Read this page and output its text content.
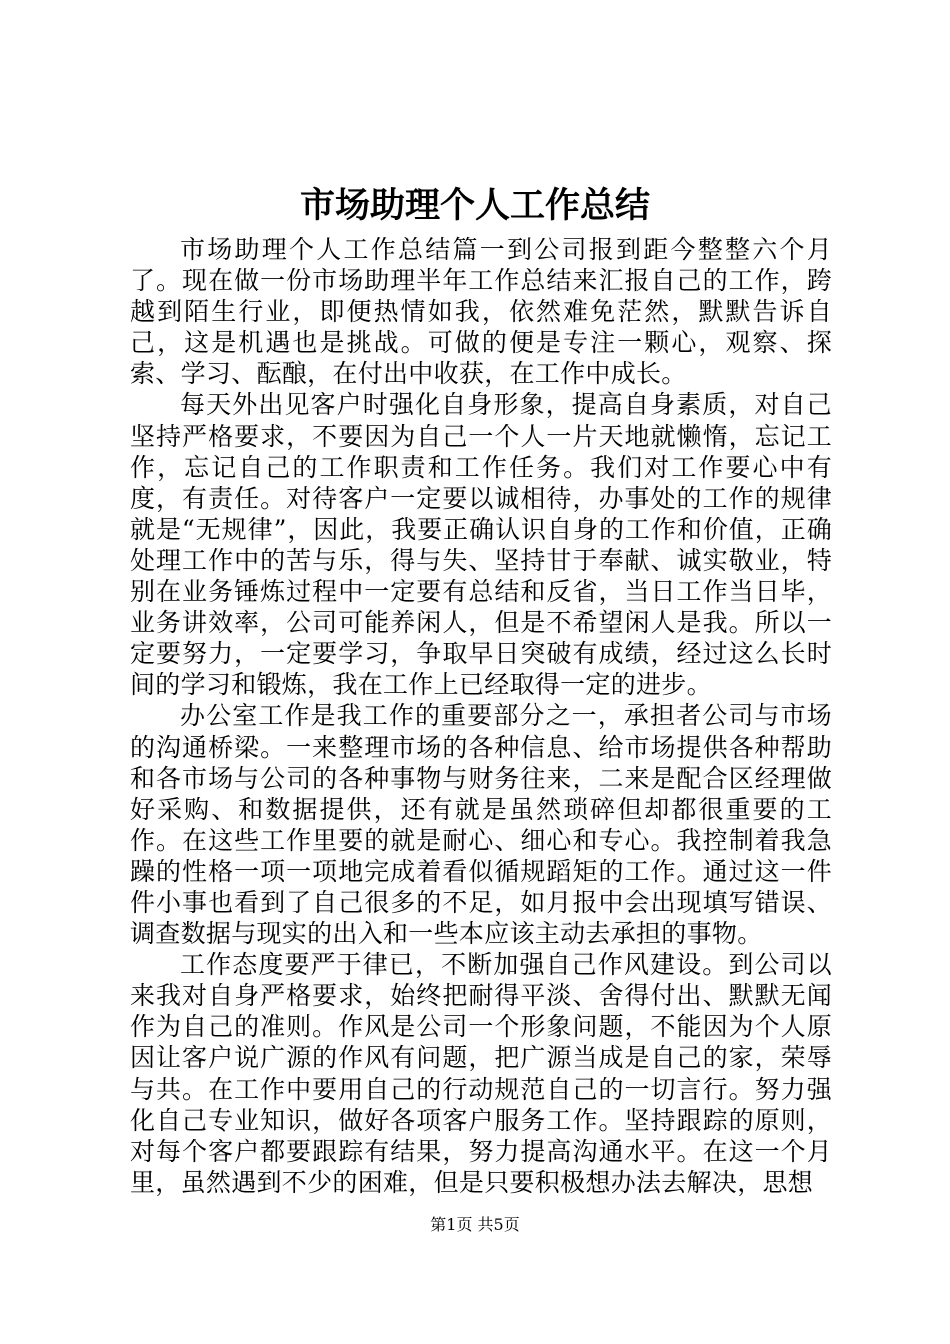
市场助理个人工作总结

市场助理个人工作总结篇一到公司报到距今整整六个月了。现在做一份市场助理半年工作总结来汇报自己的工作，跨越到陌生行业，即便热情如我，依然难免茫然，默默告诉自己，这是机遇也是挑战。可做的便是专注一颗心，观察、探索、学习、酝酿，在付出中收获，在工作中成长。

每天外出见客户时强化自身形象，提高自身素质，对自己坚持严格要求，不要因为自己一个人一片天地就懒惰，忘记工作，忘记自己的工作职责和工作任务。我们对工作要心中有度，有责任。对待客户一定要以诚相待，办事处的工作的规律就是“无规律”，因此，我要正确认识自身的工作和价值，正确处理工作中的苦与乐，得与失、坚持甘于奉献、诚实敬业，特别在业务锤炼过程中一定要有总结和反省，当日工作当日毕，业务讲效率，公司可能养闲人，但是不希望闲人是我。所以一定要努力，一定要学习，争取早日突破有成绩，经过这么长时间的学习和锻炼，我在工作上已经取得一定的进步。

办公室工作是我工作的重要部分之一，承担者公司与市场的沟通桥梁。一来整理市场的各种信息、给市场提供各种帮助和各市场与公司的各种事物与财务往来，二来是配合区经理做好采购、和数据提供，还有就是虽然琐碎但却都很重要的工作。在这些工作里要的就是耐心、细心和专心。我控制着我急躁的性格一项一项地完成着看似循规蹈矩的工作。通过这一件件小事也看到了自己很多的不足，如月报中会出现填写错误、调查数据与现实的出入和一些本应该主动去承担的事物。

工作态度要严于律已，不断加强自己作风建设。到公司以来我对自身严格要求，始终把耐得平淡、舍得付出、默默无闻作为自己的准则。作风是公司一个形象问题，不能因为个人原因让客户说广源的作风有问题，把广源当成是自己的家，荣辱与共。在工作中要用自己的行动规范自己的一切言行。努力强化自己专业知识，做好各项客户服务工作。坚持跟踪的原则，对每个客户都要跟踪有结果，努力提高沟通水平。在这一个月里，虽然遇到不少的困难，但是只要积极想办法去解决，思想

第1页 共5页
